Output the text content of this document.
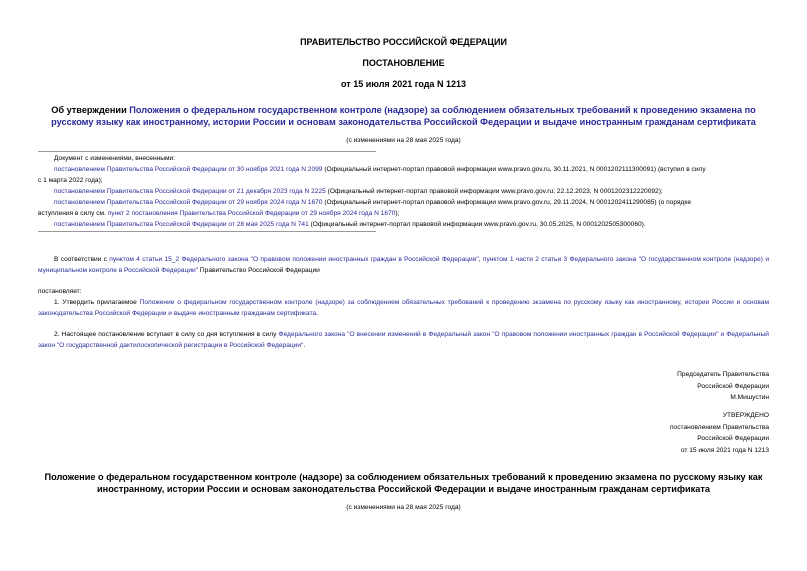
ПРАВИТЕЛЬСТВО РОССИЙСКОЙ ФЕДЕРАЦИИ
ПОСТАНОВЛЕНИЕ
от 15 июля 2021 года N 1213
Об утверждении Положения о федеральном государственном контроле (надзоре) за соблюдением обязательных требований к проведению экзамена по русскому языку как иностранному, истории России и основам законодательства Российской Федерации и выдаче иностранным гражданам сертификата
(с изменениями на 28 мая 2025 года)
Документ с изменениями, внесенными:
постановлением Правительства Российской Федерации от 30 ноября 2021 года N 2099 (Официальный интернет-портал правовой информации www.pravo.gov.ru, 30.11.2021, N 0001202111300091) (вступил в силу
с 1 марта 2022 года);
постановлением Правительства Российской Федерации от 21 декабря 2023 года N 2225 (Официальный интернет-портал правовой информации www.pravo.gov.ru, 22.12.2023, N 0001202312220092);
постановлением Правительства Российской Федерации от 29 ноября 2024 года N 1670 (Официальный интернет-портал правовой информации www.pravo.gov.ru, 29.11.2024, N 0001202411290085) (о порядке
вступления в силу см. пункт 2 постановления Правительства Российской Федерации от 29 ноября 2024 года N 1670);
постановлением Правительства Российской Федерации от 28 мая 2025 года N 741 (Официальный интернет-портал правовой информации www.pravo.gov.ru, 30.05.2025, N 0001202505300060).

В соответствии с пунктом 4 статьи 15_2 Федерального закона "О правовом положении иностранных граждан в Российской Федерации", пунктом 1 части 2 статьи 3 Федерального закона "О государственном контроле (надзоре) и муниципальном контроле в Российской Федерации" Правительство Российской Федерации

постановляет:

1. Утвердить прилагаемое Положение о федеральном государственном контроле (надзоре) за соблюдением обязательных требований к проведению экзамена по русскому языку как иностранному, истории России и основам законодательства Российской Федерации и выдаче иностранным гражданам сертификата.

2. Настоящее постановление вступает в силу со дня вступления в силу Федерального закона "О внесении изменений в Федеральный закон "О правовом положении иностранных граждан в Российской Федерации" и Федеральный закон "О государственной дактилоскопической регистрации в Российской Федерации".

Председатель Правительства
Российской Федерации
М.Мишустин
УТВЕРЖДЕНО
постановлением Правительства
Российской Федерации
от 15 июля 2021 года N 1213
Положение о федеральном государственном контроле (надзоре) за соблюдением обязательных требований к проведению экзамена по русскому языку как иностранному, истории России и основам законодательства Российской Федерации и выдаче иностранным гражданам сертификата
(с изменениями на 28 мая 2025 года)
